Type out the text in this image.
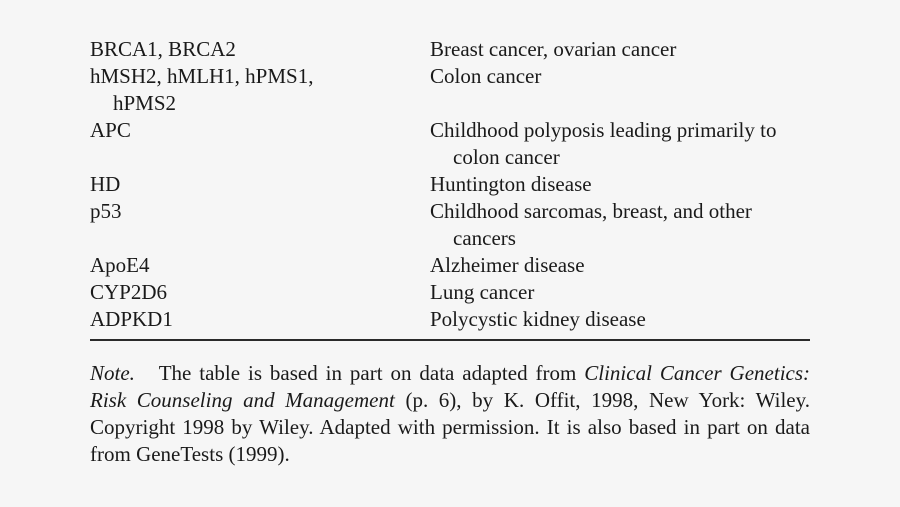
BRCA1, BRCA2	Breast cancer, ovarian cancer

hMSH2, hMLH1, hPMS1, hPMS2	Colon cancer

APC	Childhood polyposis leading primarily to colon cancer

HD	Huntington disease

p53	Childhood sarcomas, breast, and other cancers

ApoE4	Alzheimer disease

CYP2D6	Lung cancer

ADPKD1	Polycystic kidney disease
Note. The table is based in part on data adapted from Clinical Cancer Genetics: Risk Counseling and Management (p. 6), by K. Offit, 1998, New York: Wiley. Copyright 1998 by Wiley. Adapted with permission. It is also based in part on data from GeneTests (1999).
